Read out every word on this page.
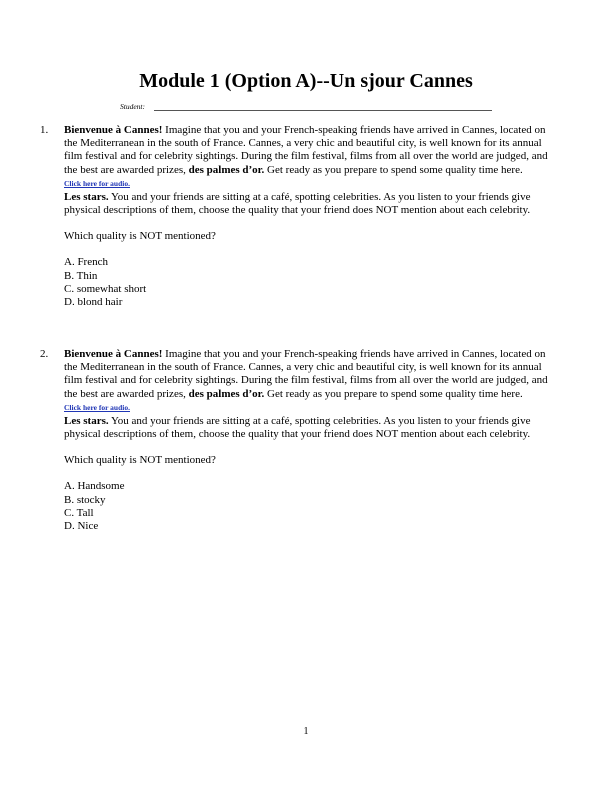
Module 1 (Option A)--Un sjour Cannes
Student:
1. Bienvenue à Cannes! Imagine that you and your French-speaking friends have arrived in Cannes, located on the Mediterranean in the south of France. Cannes, a very chic and beautiful city, is well known for its annual film festival and for celebrity sightings. During the film festival, films from all over the world are judged, and the best are awarded prizes, des palmes d’or. Get ready as you prepare to spend some quality time here.

Click here for audio.

Les stars. You and your friends are sitting at a café, spotting celebrities. As you listen to your friends give physical descriptions of them, choose the quality that your friend does NOT mention about each celebrity.

Which quality is NOT mentioned?

A. French
B. Thin
C. somewhat short
D. blond hair
2. Bienvenue à Cannes! Imagine that you and your French-speaking friends have arrived in Cannes, located on the Mediterranean in the south of France. Cannes, a very chic and beautiful city, is well known for its annual film festival and for celebrity sightings. During the film festival, films from all over the world are judged, and the best are awarded prizes, des palmes d’or. Get ready as you prepare to spend some quality time here.

Click here for audio.

Les stars. You and your friends are sitting at a café, spotting celebrities. As you listen to your friends give physical descriptions of them, choose the quality that your friend does NOT mention about each celebrity.

Which quality is NOT mentioned?

A. Handsome
B. stocky
C. Tall
D. Nice
1
